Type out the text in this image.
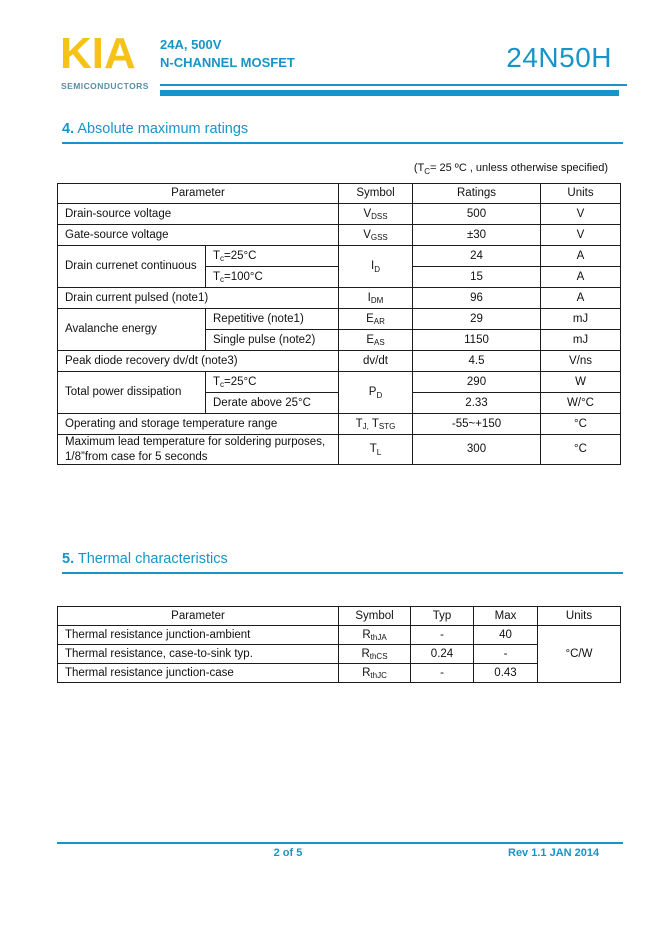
KIA
SEMICONDUCTORS
24A, 500V
N-CHANNEL MOSFET	24N50H
4. Absolute maximum ratings
($T_C= 25$ ºC , unless otherwise specified)
Parameter		Symbol	Ratings	Units
Drain-source voltage		$V_{DSS}$	500	V
Gate-source voltage		$V_{GSS}$	±30	V
Drain currenet continuous	$T_c=25^\circ C$	$I_D$	24	A
	$T_c=100^\circ C$		15	A
Drain current pulsed (note1)		$I_{DM}$	96	A
Avalanche energy	Repetitive (note1)	$E_{AR}$	29	mJ
	Single pulse (note2)	$E_{AS}$	1150	mJ
Peak diode recovery dv/dt (note3)		dv/dt	4.5	V/ns
Total power dissipation	$T_c=25^\circ C$	$P_D$	290	W
	Derate above 25°C		2.33	W/°C
Operating and storage temperature range		$T_{J,}$ $T_{STG}$	-55~+150	°C
Maximum lead temperature for soldering purposes, 1/8”from case for 5 seconds		$T_L$	300	°C
5. Thermal characteristics
Parameter	Symbol	Typ	Max	Units
Thermal resistance junction-ambient	$R_{thJA}$	-	40	°C/W
Thermal resistance, case-to-sink typ.	$R_{thCS}$	0.24	-	
Thermal resistance junction-case	$R_{thJC}$	-	0.43	
2 of 5	Rev 1.1 JAN 2014
